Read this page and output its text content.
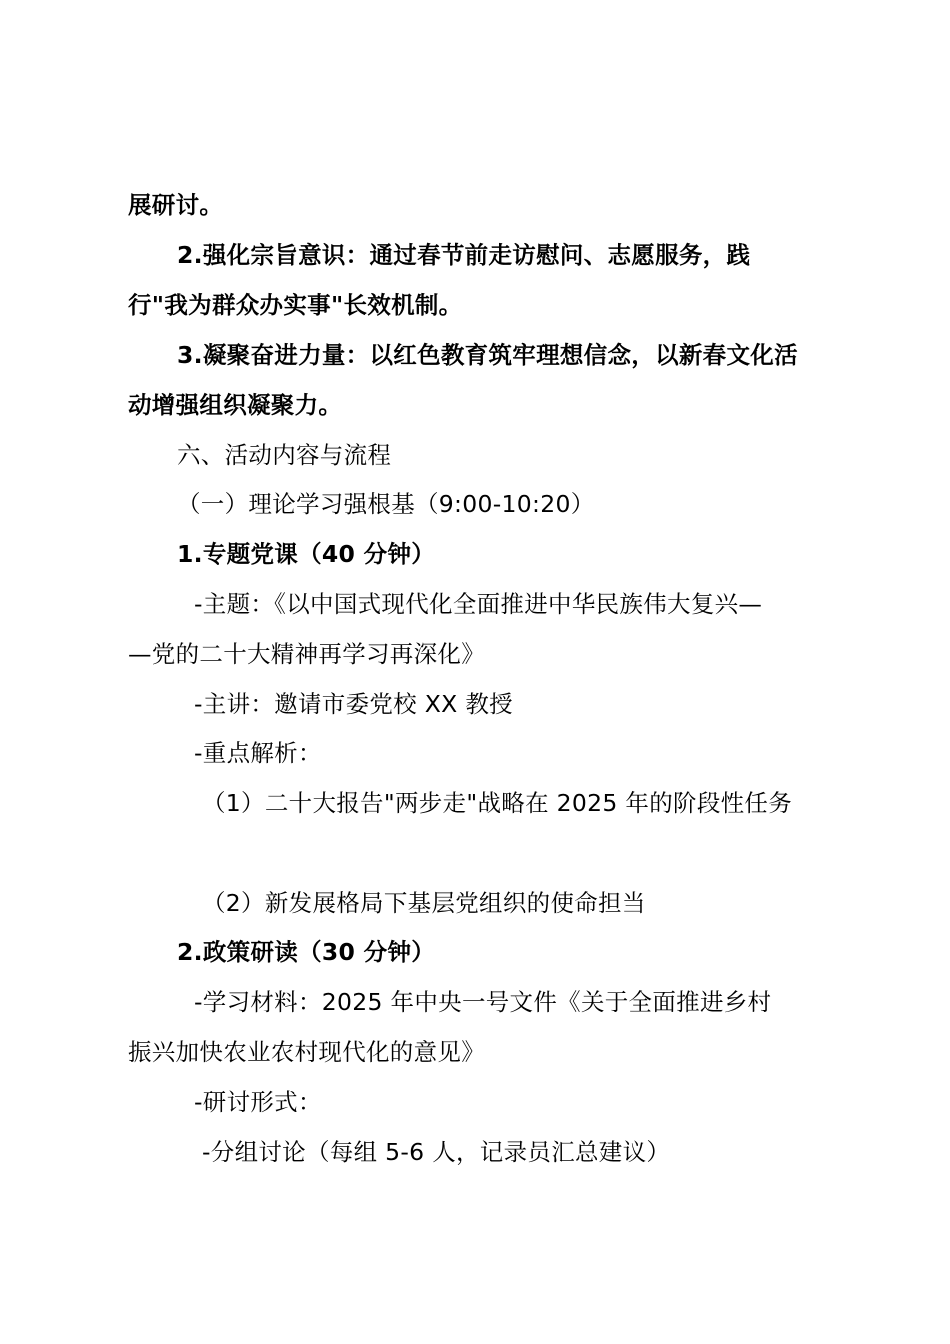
展研讨。
2.强化宗旨意识：通过春节前走访慰问、志愿服务，践
行"我为群众办实事"长效机制。
3.凝聚奋进力量：以红色教育筑牢理想信念，以新春文化活
动增强组织凝聚力。
六、活动内容与流程
（一）理论学习强根基（9:00-10:20）
1.专题党课（40 分钟）
-主题：《以中国式现代化全面推进中华民族伟大复兴—
—党的二十大精神再学习再深化》
-主讲：邀请市委党校 XX 教授
-重点解析：
（1）二十大报告"两步走"战略在 2025 年的阶段性任务
（2）新发展格局下基层党组织的使命担当
2.政策研读（30 分钟）
-学习材料：2025 年中央一号文件《关于全面推进乡村
振兴加快农业农村现代化的意见》
-研讨形式：
-分组讨论（每组 5-6 人，记录员汇总建议）
